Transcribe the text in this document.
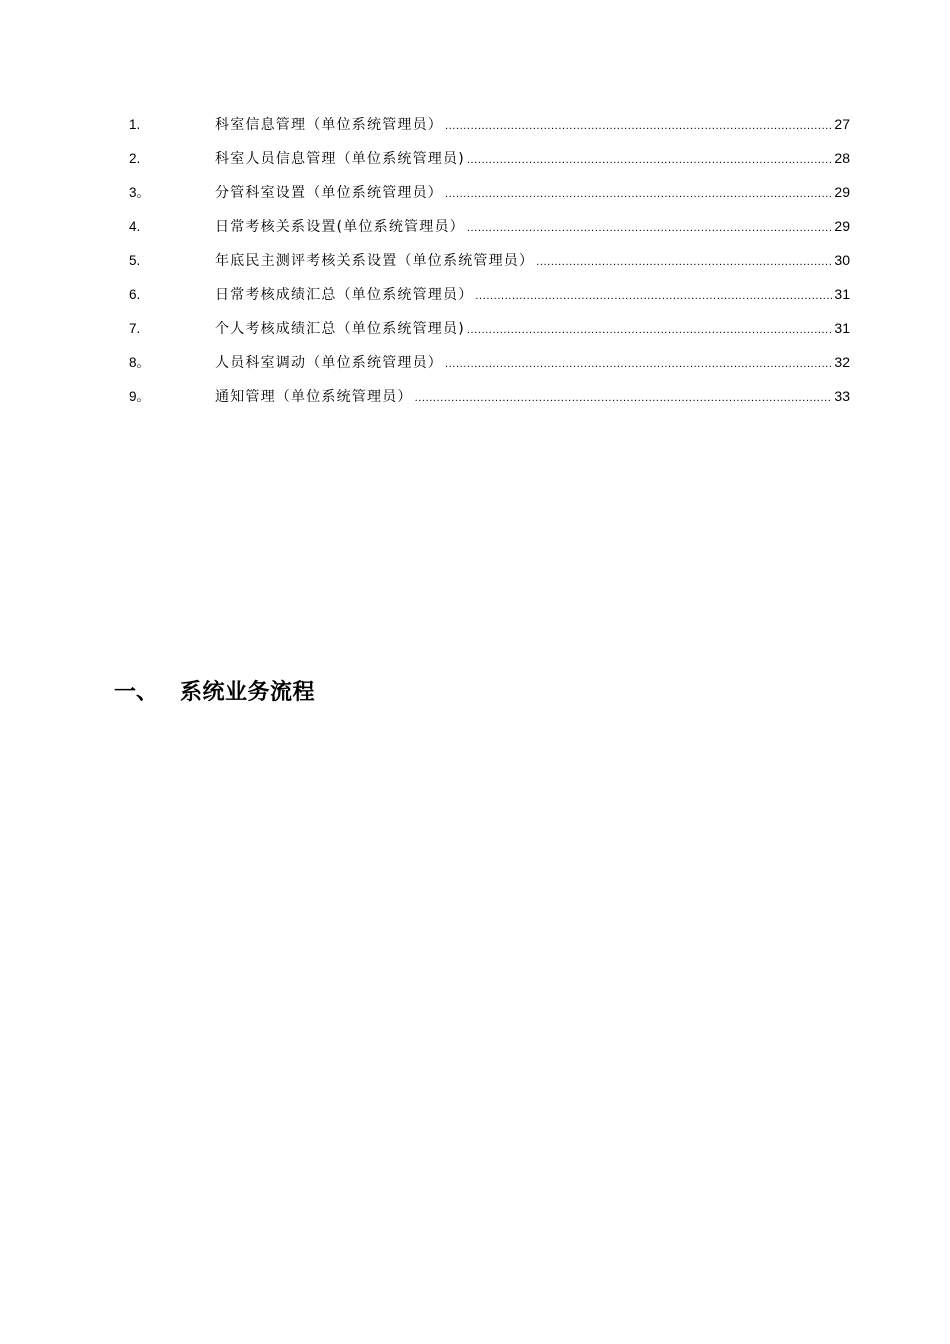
1.	科室信息管理（单位系统管理员） .....	27
2.	科室人员信息管理（单位系统管理员) .....	28
3。	分管科室设置（单位系统管理员） .....	29
4.	日常考核关系设置(单位系统管理员） .....	29
5.	年底民主测评考核关系设置（单位系统管理员） .....	30
6.	日常考核成绩汇总（单位系统管理员） .....	31
7.	个人考核成绩汇总（单位系统管理员) .....	31
8。	人员科室调动（单位系统管理员） .....	32
9。	通知管理（单位系统管理员） .....	33
一、 系统业务流程
